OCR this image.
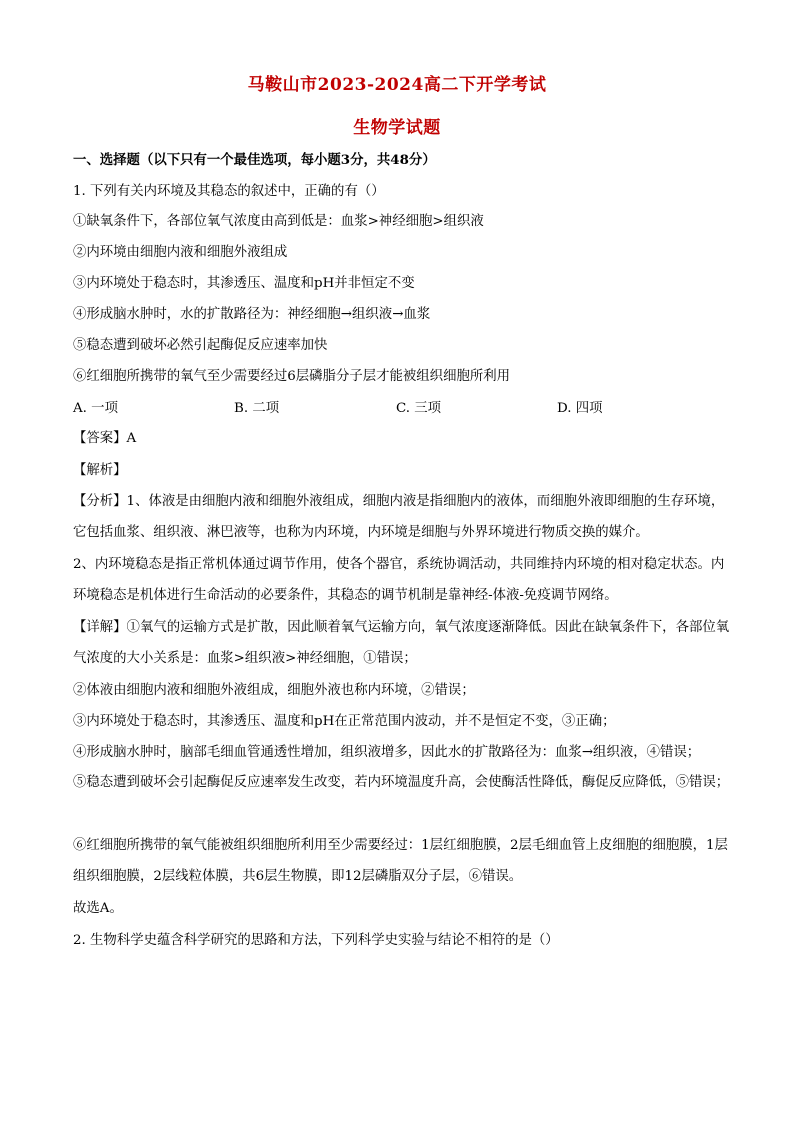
马鞍山市2023-2024高二下开学考试
生物学试题
一、选择题（以下只有一个最佳选项，每小题3分，共48分）
1. 下列有关内环境及其稳态的叙述中，正确的有（）
①缺氧条件下，各部位氧气浓度由高到低是：血浆>神经细胞>组织液
②内环境由细胞内液和细胞外液组成
③内环境处于稳态时，其渗透压、温度和pH并非恒定不变
④形成脑水肿时，水的扩散路径为：神经细胞→组织液→血浆
⑤稳态遭到破坏必然引起酶促反应速率加快
⑥红细胞所携带的氧气至少需要经过6层磷脂分子层才能被组织细胞所利用
A. 一项	B. 二项	C. 三项	D. 四项
【答案】A
【解析】
【分析】1、体液是由细胞内液和细胞外液组成，细胞内液是指细胞内的液体，而细胞外液即细胞的生存环境，它包括血浆、组织液、淋巴液等，也称为内环境，内环境是细胞与外界环境进行物质交换的媒介。
2、内环境稳态是指正常机体通过调节作用，使各个器官，系统协调活动，共同维持内环境的相对稳定状态。内环境稳态是机体进行生命活动的必要条件，其稳态的调节机制是靠神经-体液-免疫调节网络。
【详解】①氧气的运输方式是扩散，因此顺着氧气运输方向，氧气浓度逐渐降低。因此在缺氧条件下，各部位氧气浓度的大小关系是：血浆>组织液>神经细胞，①错误；
②体液由细胞内液和细胞外液组成，细胞外液也称内环境，②错误；
③内环境处于稳态时，其渗透压、温度和pH在正常范围内波动，并不是恒定不变，③正确；
④形成脑水肿时，脑部毛细血管通透性增加，组织液增多，因此水的扩散路径为：血浆→组织液，④错误；
⑤稳态遭到破坏会引起酶促反应速率发生改变，若内环境温度升高，会使酶活性降低，酶促反应降低，⑤错误；
⑥红细胞所携带的氧气能被组织细胞所利用至少需要经过：1层红细胞膜，2层毛细血管上皮细胞的细胞膜，1层组织细胞膜，2层线粒体膜，共6层生物膜，即12层磷脂双分子层，⑥错误。
故选A。
2. 生物科学史蕴含科学研究的思路和方法，下列科学史实验与结论不相符的是（）
